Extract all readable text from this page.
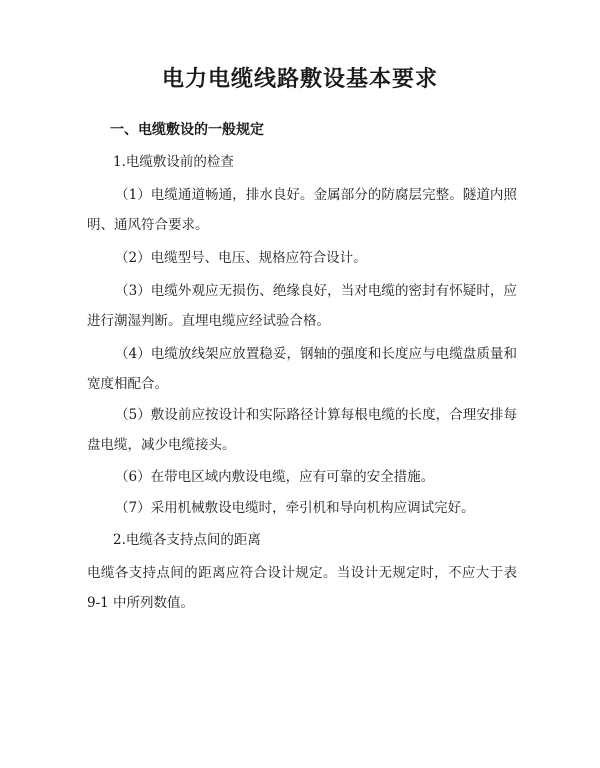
电力电缆线路敷设基本要求
一、电缆敷设的一般规定

1.电缆敷设前的检查

（1）电缆通道畅通，排水良好。金属部分的防腐层完整。隧道内照明、通风符合要求。

（2）电缆型号、电压、规格应符合设计。

（3）电缆外观应无损伤、绝缘良好，当对电缆的密封有怀疑时，应进行潮湿判断。直埋电缆应经试验合格。

（4）电缆放线架应放置稳妥，钢轴的强度和长度应与电缆盘质量和宽度相配合。

（5）敷设前应按设计和实际路径计算每根电缆的长度，合理安排每盘电缆，减少电缆接头。

（6）在带电区域内敷设电缆，应有可靠的安全措施。

（7）采用机械敷设电缆时，牵引机和导向机构应调试完好。

2.电缆各支持点间的距离

电缆各支持点间的距离应符合设计规定。当设计无规定时，不应大于表 9-1 中所列数值。
